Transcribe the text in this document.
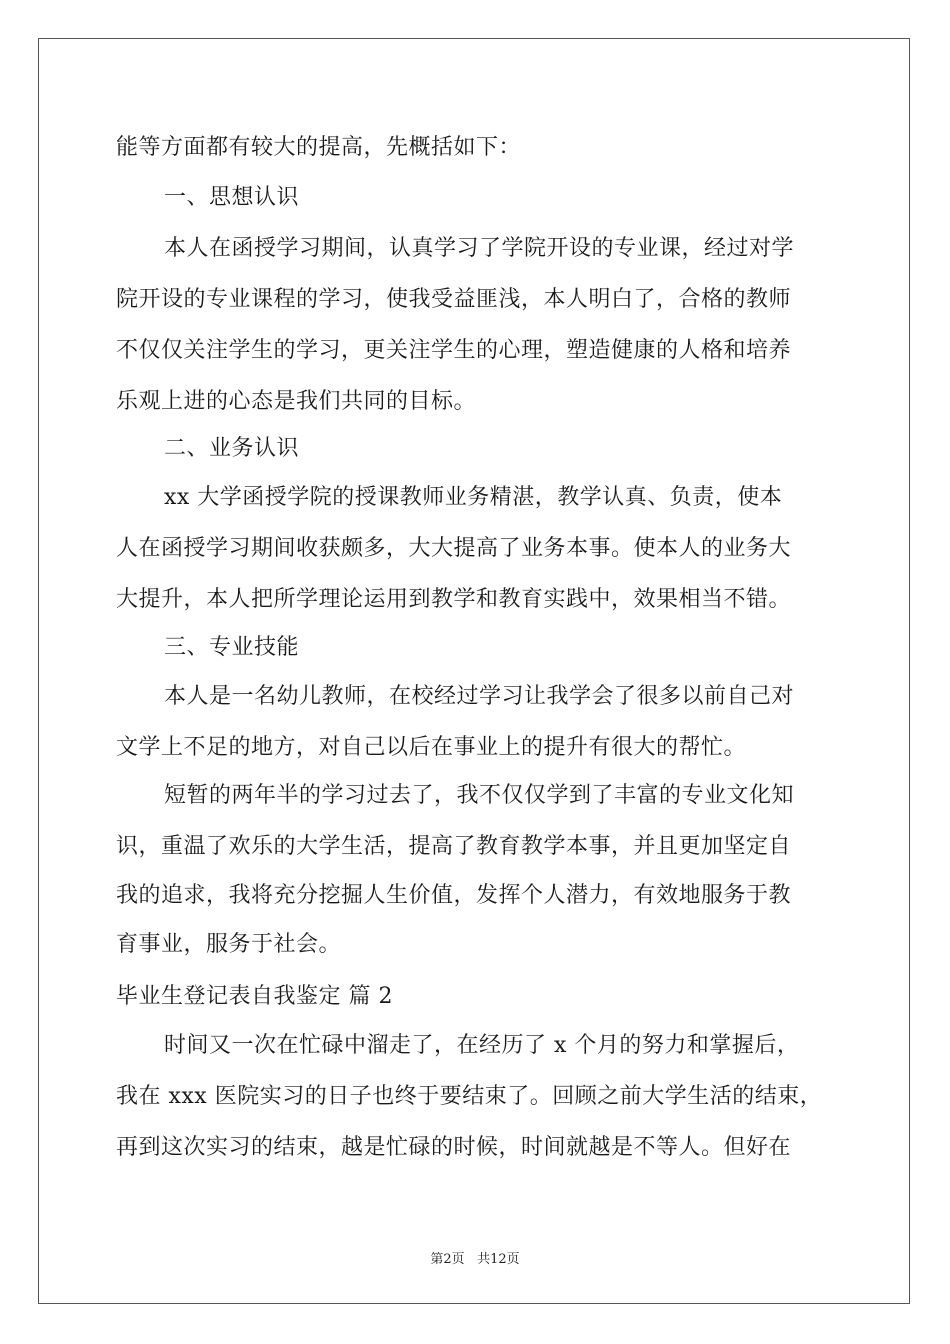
能等方面都有较大的提高，先概括如下：
一、思想认识
本人在函授学习期间，认真学习了学院开设的专业课，经过对学
院开设的专业课程的学习，使我受益匪浅，本人明白了，合格的教师
不仅仅关注学生的学习，更关注学生的心理，塑造健康的人格和培养
乐观上进的心态是我们共同的目标。
二、业务认识
xx 大学函授学院的授课教师业务精湛，教学认真、负责，使本
人在函授学习期间收获颇多，大大提高了业务本事。使本人的业务大
大提升，本人把所学理论运用到教学和教育实践中，效果相当不错。
三、专业技能
本人是一名幼儿教师，在校经过学习让我学会了很多以前自己对
文学上不足的地方，对自己以后在事业上的提升有很大的帮忙。
短暂的两年半的学习过去了，我不仅仅学到了丰富的专业文化知
识，重温了欢乐的大学生活，提高了教育教学本事，并且更加坚定自
我的追求，我将充分挖掘人生价值，发挥个人潜力，有效地服务于教
育事业，服务于社会。
毕业生登记表自我鉴定 篇 2
时间又一次在忙碌中溜走了，在经历了 x 个月的努力和掌握后，
我在 xxx 医院实习的日子也终于要结束了。回顾之前大学生活的结束，
再到这次实习的结束，越是忙碌的时候，时间就越是不等人。但好在
第2页 共12页
